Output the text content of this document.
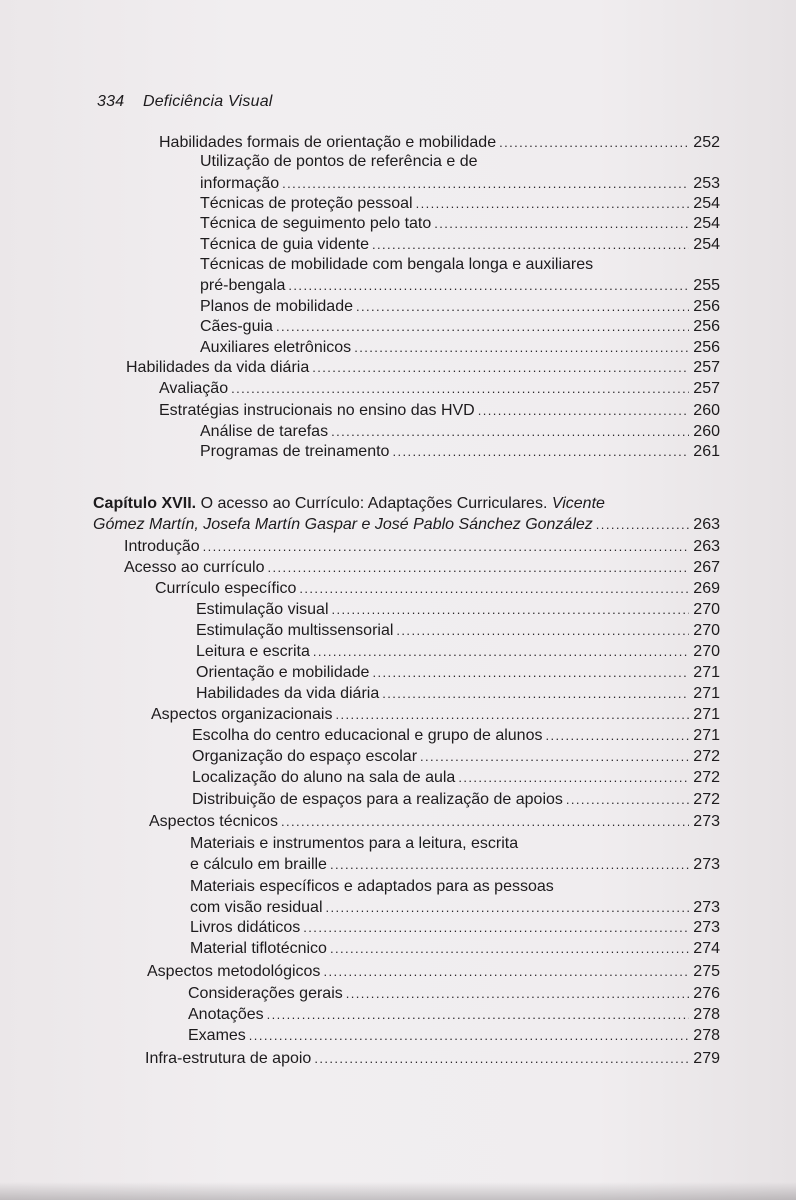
334 Deficiência Visual
Habilidades formais de orientação e mobilidade .....	252
Utilização de pontos de referência e de
informação .....	253
Técnicas de proteção pessoal .....	254
Técnica de seguimento pelo tato .....	254
Técnica de guia vidente .....	254
Técnicas de mobilidade com bengala longa e auxiliares
pré-bengala .....	255
Planos de mobilidade .....	256
Cães-guia .....	256
Auxiliares eletrônicos .....	256
Habilidades da vida diária .....	257
Avaliação .....	257
Estratégias instrucionais no ensino das HVD .....	260
Análise de tarefas .....	260
Programas de treinamento .....	261
Capítulo XVII. O acesso ao Currículo: Adaptações Curriculares. Vicente
Gómez Martín, Josefa Martín Gaspar e José Pablo Sánchez González .....	263
Introdução .....	263
Acesso ao currículo .....	267
Currículo específico .....	269
Estimulação visual .....	270
Estimulação multissensorial .....	270
Leitura e escrita .....	270
Orientação e mobilidade .....	271
Habilidades da vida diária .....	271
Aspectos organizacionais .....	271
Escolha do centro educacional e grupo de alunos .....	271
Organização do espaço escolar .....	272
Localização do aluno na sala de aula .....	272
Distribuição de espaços para a realização de apoios .....	272
Aspectos técnicos .....	273
Materiais e instrumentos para a leitura, escrita
e cálculo em braille .....	273
Materiais específicos e adaptados para as pessoas
com visão residual .....	273
Livros didáticos .....	273
Material tiflotécnico .....	274
Aspectos metodológicos .....	275
Considerações gerais .....	276
Anotações .....	278
Exames .....	278
Infra-estrutura de apoio .....	279
